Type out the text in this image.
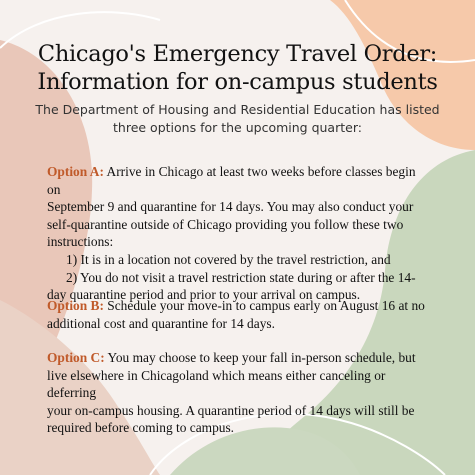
Chicago's Emergency Travel Order:
Information for on-campus students
The Department of Housing and Residential Education has listed
three options for the upcoming quarter:
Option A: Arrive in Chicago at least two weeks before classes begin on
September 9 and quarantine for 14 days. You may also conduct your
self-quarantine outside of Chicago providing you follow these two
instructions:
1) It is in a location not covered by the travel restriction, and
2) You do not visit a travel restriction state during or after the 14-
day quarantine period and prior to your arrival on campus.
Option B: Schedule your move-in to campus early on August 16 at no
additional cost and quarantine for 14 days.
Option C: You may choose to keep your fall in-person schedule, but
live elsewhere in Chicagoland which means either canceling or deferring
your on-campus housing. A quarantine period of 14 days will still be
required before coming to campus.
